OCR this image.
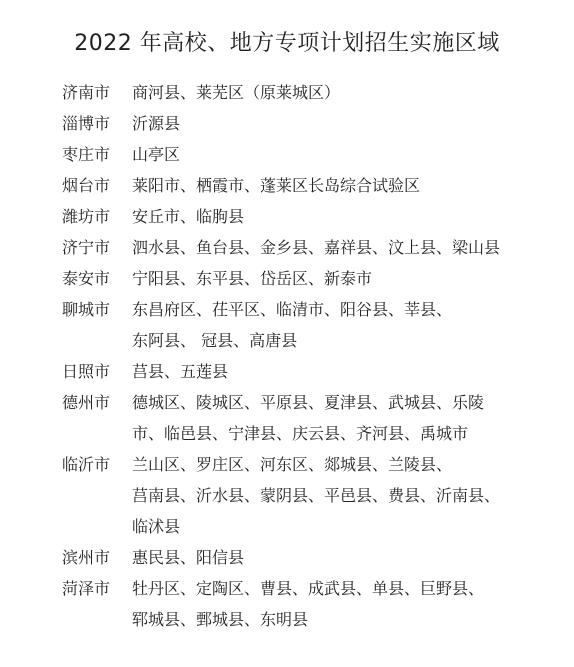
2022 年高校、地方专项计划招生实施区域
济南市	商河县、莱芜区（原莱城区）
淄博市	沂源县
枣庄市	山亭区
烟台市	莱阳市、栖霞市、蓬莱区长岛综合试验区
潍坊市	安丘市、临朐县
济宁市	泗水县、鱼台县、金乡县、嘉祥县、汶上县、梁山县
泰安市	宁阳县、东平县、岱岳区、新泰市
聊城市	东昌府区、茌平区、临清市、阳谷县、莘县、
东阿县、 冠县、高唐县
日照市	莒县、五莲县
德州市	德城区、陵城区、平原县、夏津县、武城县、乐陵
市、临邑县、宁津县、庆云县、齐河县、禹城市
临沂市	兰山区、罗庄区、河东区、郯城县、兰陵县、
莒南县、沂水县、蒙阴县、平邑县、费县、沂南县、
临沭县
滨州市	惠民县、阳信县
菏泽市	牡丹区、定陶区、曹县、成武县、单县、巨野县、
郓城县、鄄城县、东明县
